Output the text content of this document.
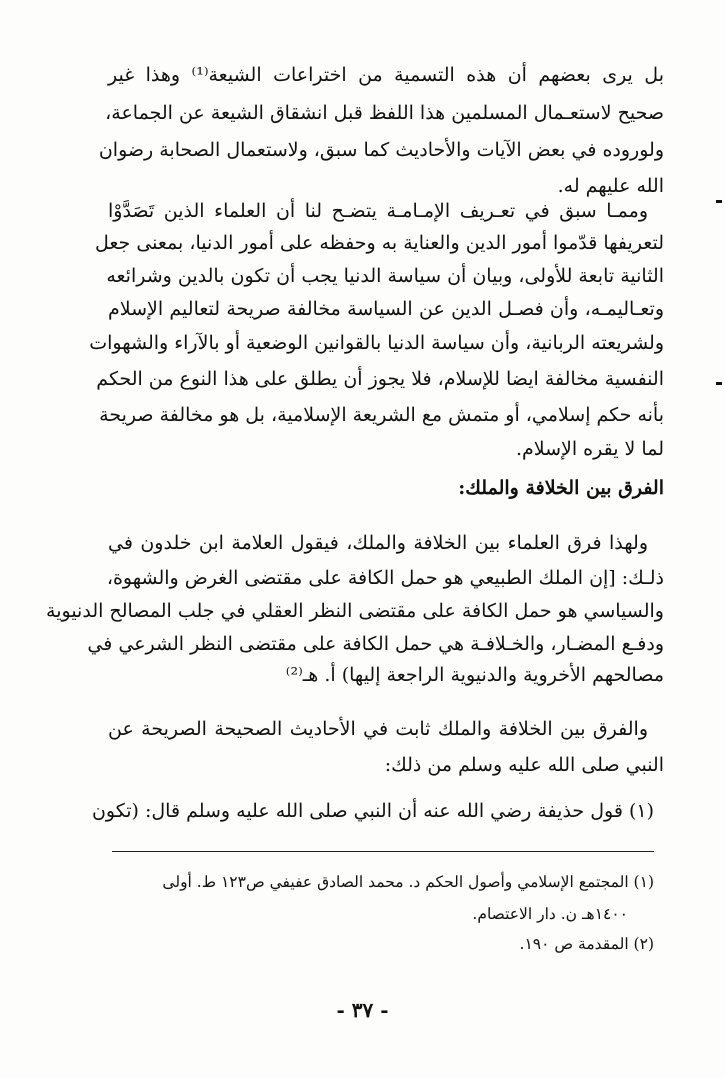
بل يرى بعضهم أن هذه التسمية من اختراعات الشيعة⁽¹⁾ وهذا غير
صحيح لاستعـمال المسلمين هذا اللفظ قبل انشقاق الشيعة عن الجماعة،
ولوروده في بعض الآيات والأحاديث كما سبق، ولاستعمال الصحابة رضوان
الله عليهم له.
وممـا سبق في تعـريف الإمـامـة يتضـح لنا أن العلماء الذين تَصَدَّوْا
لتعريفها قدّموا أمور الدين والعناية به وحفظه على أمور الدنيا، بمعنى جعل
الثانية تابعة للأولى، وبيان أن سياسة الدنيا يجب أن تكون بالدين وشرائعه
وتعـاليمـه، وأن فصـل الدين عن السياسة مخالفة صريحة لتعاليم الإسلام
ولشريعته الربانية، وأن سياسة الدنيا بالقوانين الوضعية أو بالآراء والشهوات
النفسية مخالفة ايضا للإسلام، فلا يجوز أن يطلق على هذا النوع من الحكم
بأنه حكم إسلامي، أو متمش مع الشريعة الإسلامية، بل هو مخالفة صريحة
لما لا يقره الإسلام.
الفرق بين الخلافة والملك:
ولهذا فرق العلماء بين الخلافة والملك، فيقول العلامة ابن خلدون في
ذلـك: [إن الملك الطبيعي هو حمل الكافة على مقتضى الغرض والشهوة،
والسياسي هو حمل الكافة على مقتضى النظر العقلي في جلب المصالح الدنيوية
ودفـع المضـار، والخـلافـة هي حمل الكافة على مقتضى النظر الشرعي في
مصالحهم الأخروية والدنيوية الراجعة إليها) أ. هـ⁽²⁾
والفرق بين الخلافة والملك ثابت في الأحاديث الصحيحة الصريحة عن
النبي صلى الله عليه وسلم من ذلك:
(١) قول حذيفة رضي الله عنه أن النبي صلى الله عليه وسلم قال: (تكون
(١) المجتمع الإسلامي وأصول الحكم د. محمد الصادق عفيفي ص١٢٣ ط. أولى
١٤٠٠هـ ن. دار الاعتصام.
(٢) المقدمة ص ١٩٠.
- ٣٧ -
